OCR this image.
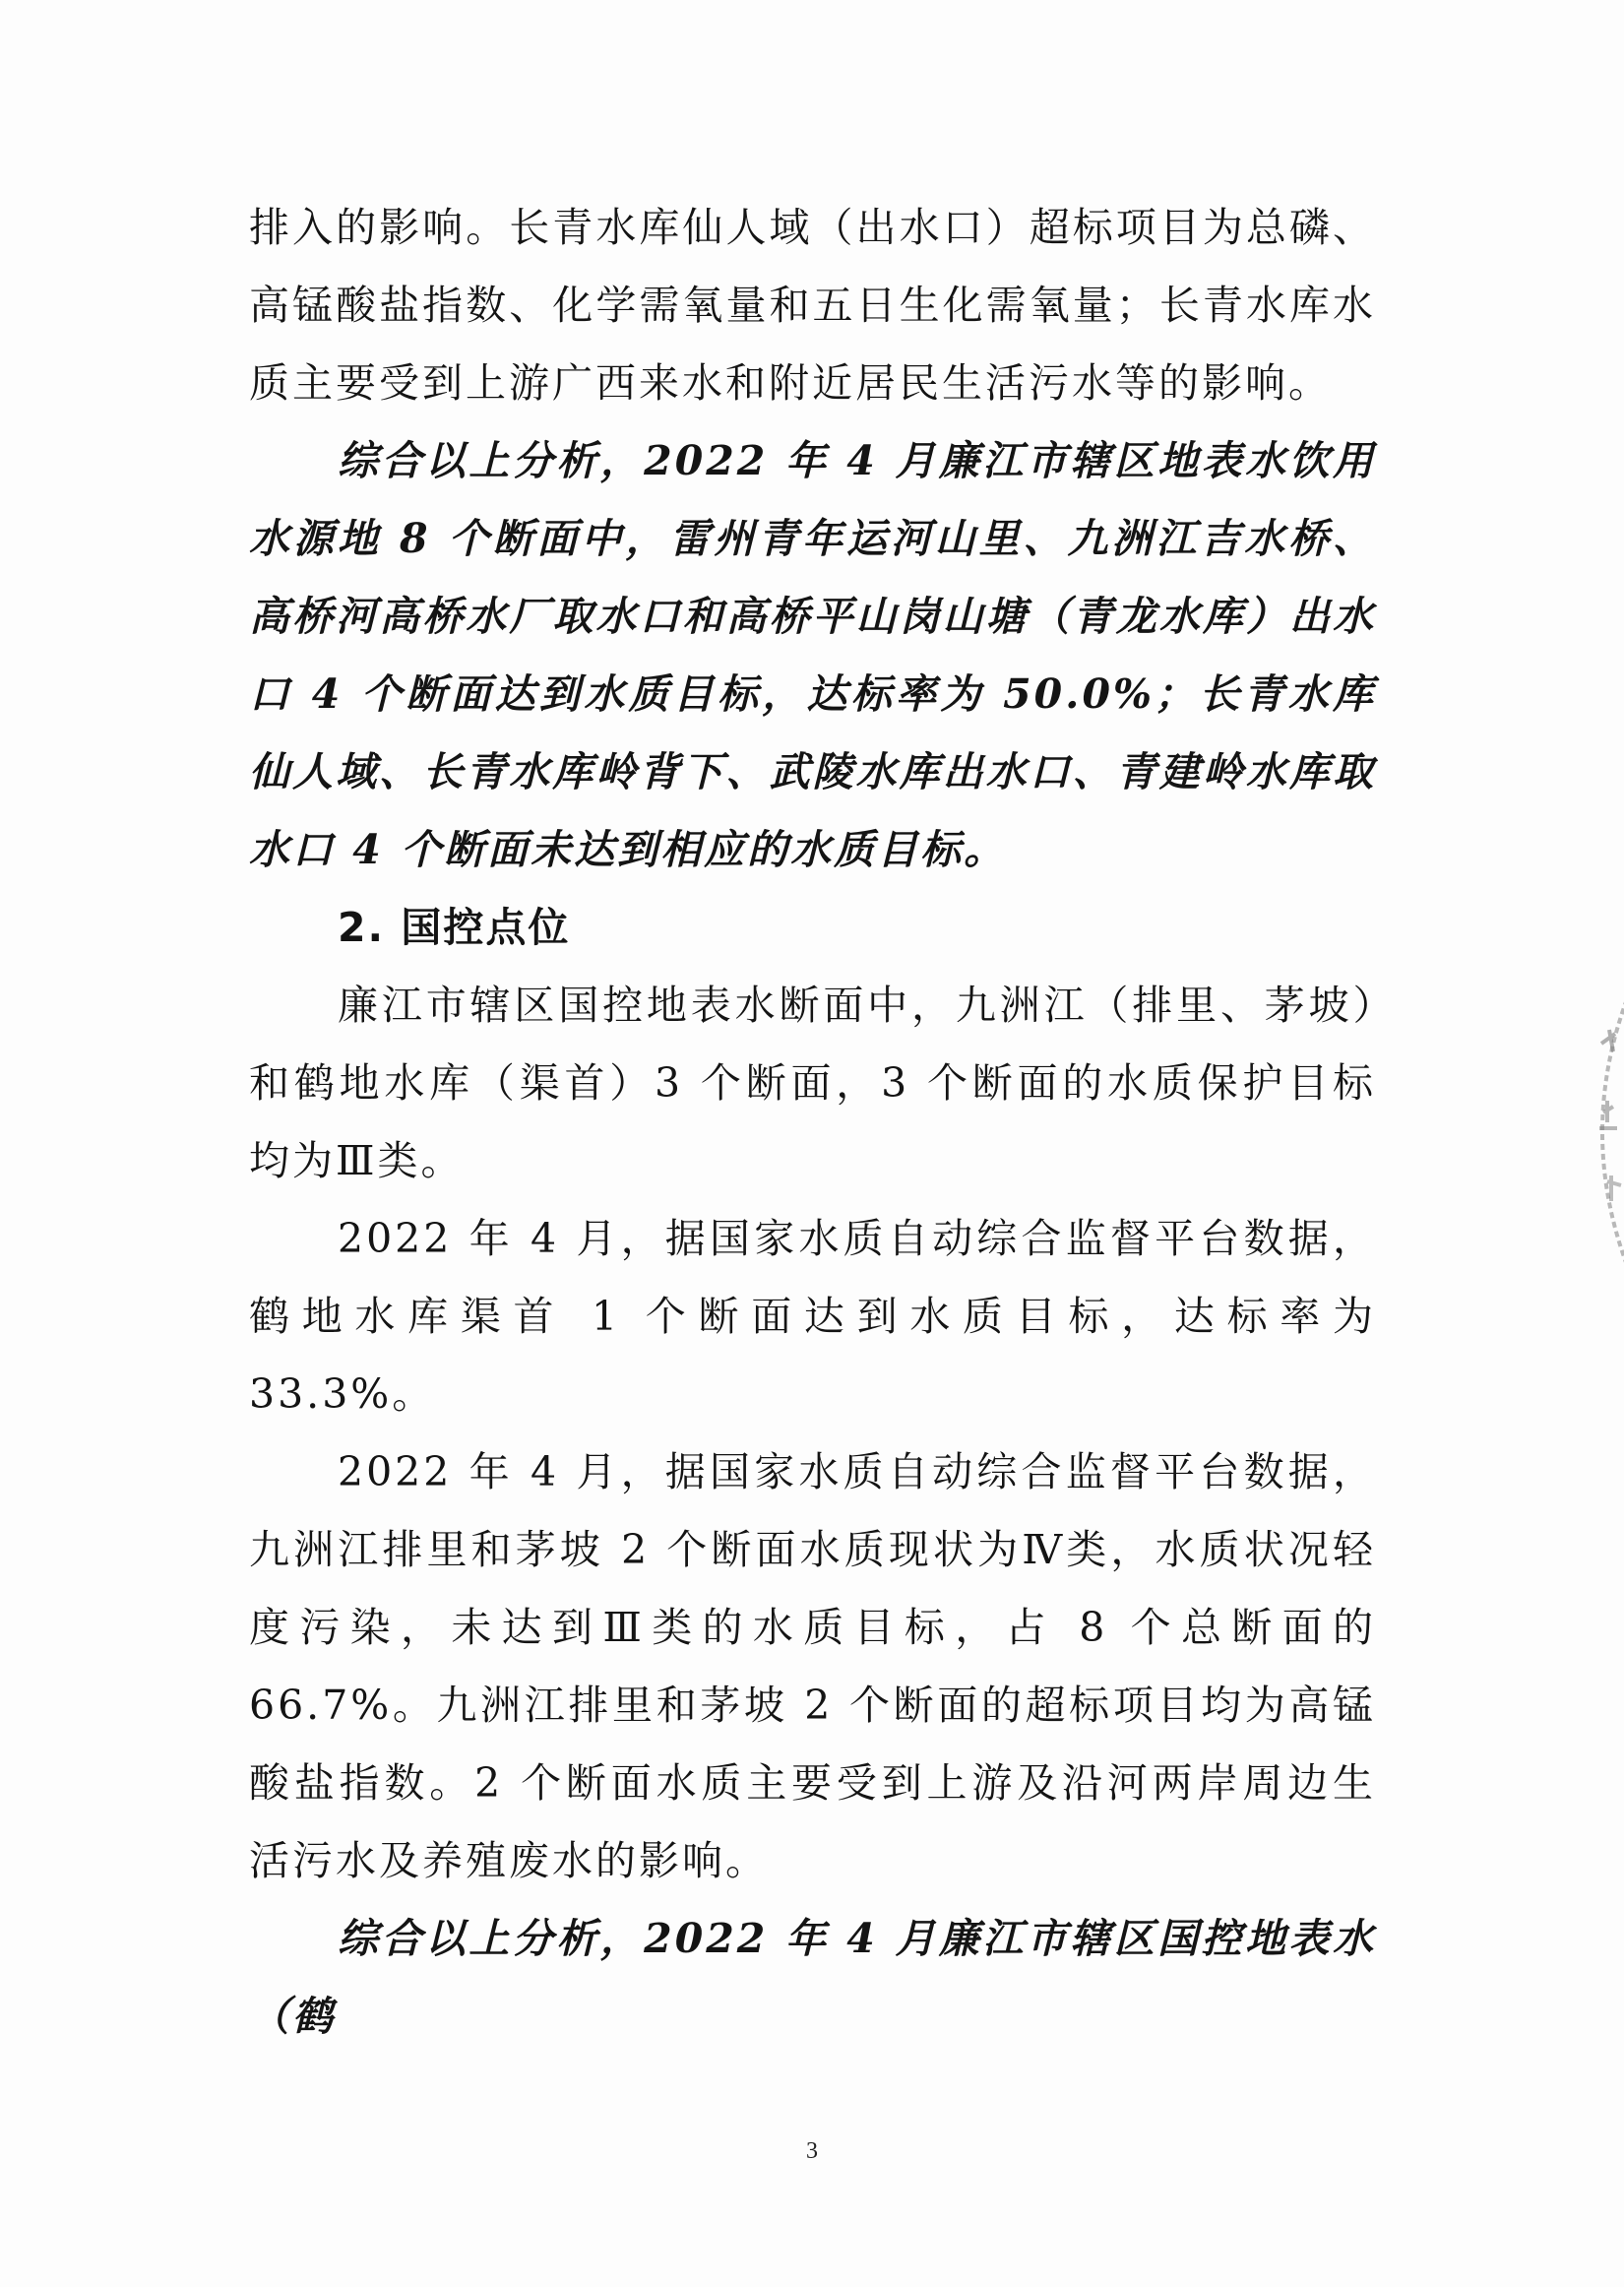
排入的影响。长青水库仙人域（出水口）超标项目为总磷、高锰酸盐指数、化学需氧量和五日生化需氧量；长青水库水质主要受到上游广西来水和附近居民生活污水等的影响。

综合以上分析，2022 年 4 月廉江市辖区地表水饮用水源地 8 个断面中，雷州青年运河山里、九洲江吉水桥、高桥河高桥水厂取水口和高桥平山岗山塘（青龙水库）出水口 4 个断面达到水质目标，达标率为 50.0%；长青水库仙人域、长青水库岭背下、武陵水库出水口、青建岭水库取水口 4 个断面未达到相应的水质目标。

2. 国控点位

廉江市辖区国控地表水断面中，九洲江（排里、茅坡）和鹤地水库（渠首）3 个断面，3 个断面的水质保护目标均为Ⅲ类。

2022 年 4 月，据国家水质自动综合监督平台数据，鹤地水库渠首 1 个断面达到水质目标，达标率为 33.3%。

2022 年 4 月，据国家水质自动综合监督平台数据，九洲江排里和茅坡 2 个断面水质现状为Ⅳ类，水质状况轻度污染，未达到Ⅲ类的水质目标，占 8 个总断面的 66.7%。九洲江排里和茅坡 2 个断面的超标项目均为高锰酸盐指数。2 个断面水质主要受到上游及沿河两岸周边生活污水及养殖废水的影响。

综合以上分析，2022 年 4 月廉江市辖区国控地表水（鹤

3
